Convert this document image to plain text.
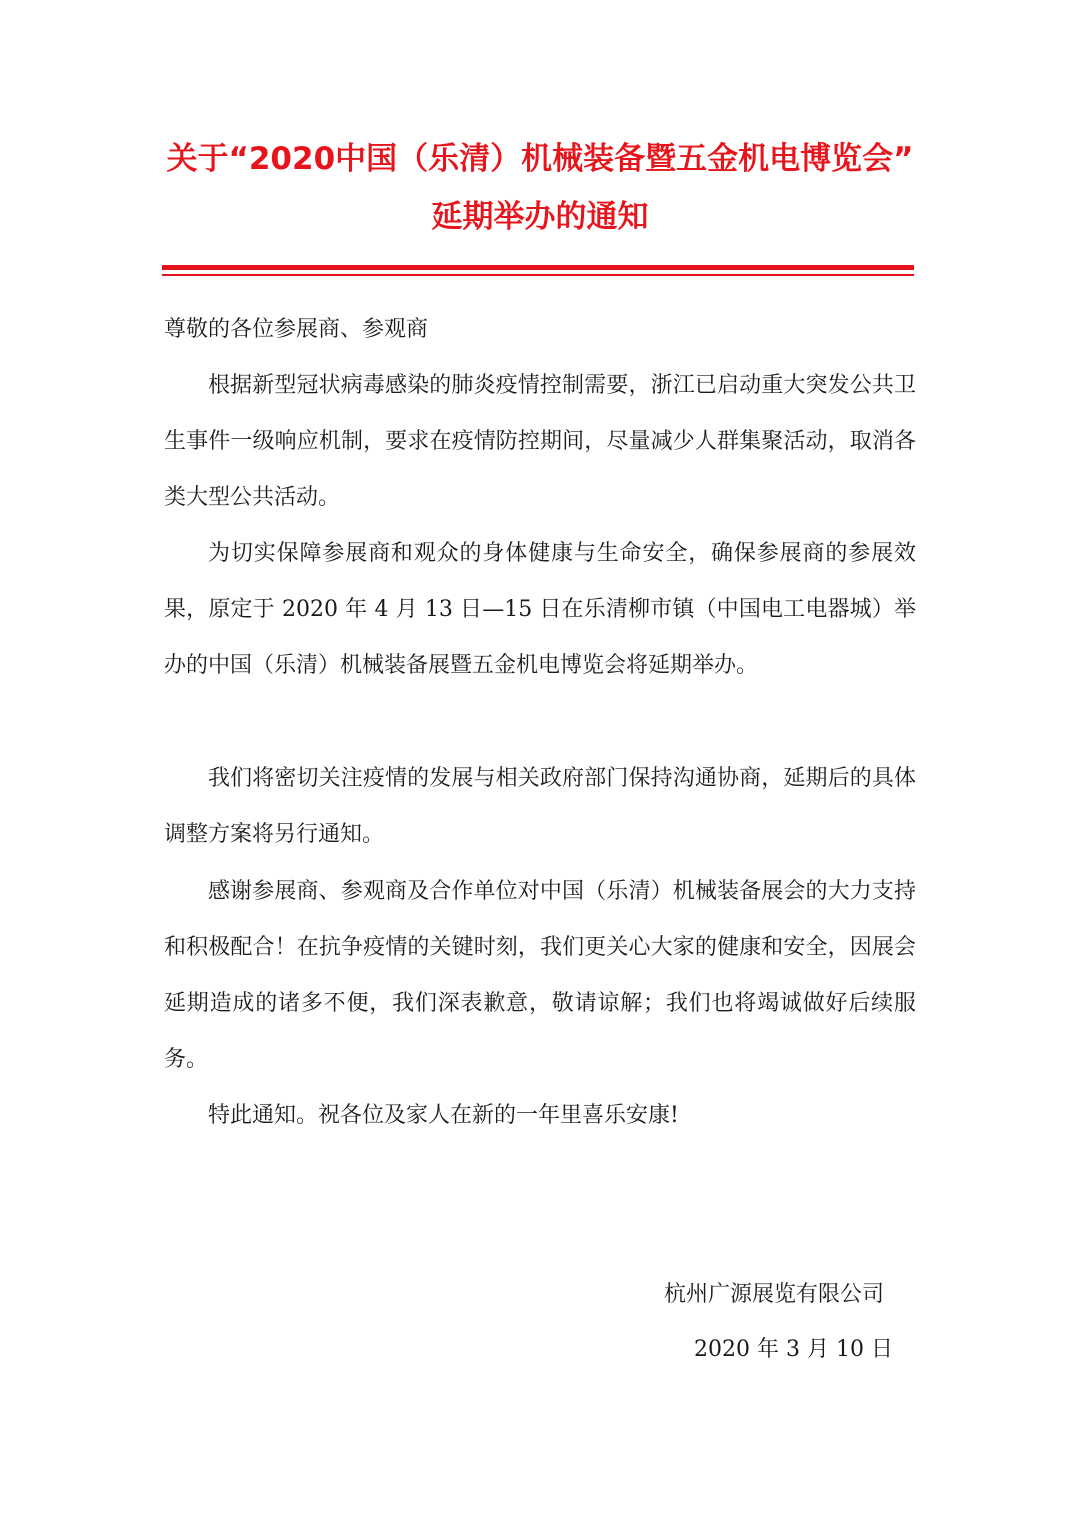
关于“2020中国（乐清）机械装备暨五金机电博览会”
延期举办的通知
尊敬的各位参展商、参观商

根据新型冠状病毒感染的肺炎疫情控制需要，浙江已启动重大突发公共卫生事件一级响应机制，要求在疫情防控期间，尽量减少人群集聚活动，取消各类大型公共活动。

为切实保障参展商和观众的身体健康与生命安全，确保参展商的参展效果，原定于 2020 年 4 月 13 日—15 日在乐清柳市镇（中国电工电器城）举办的中国（乐清）机械装备展暨五金机电博览会将延期举办。

我们将密切关注疫情的发展与相关政府部门保持沟通协商，延期后的具体调整方案将另行通知。

感谢参展商、参观商及合作单位对中国（乐清）机械装备展会的大力支持和积极配合！在抗争疫情的关键时刻，我们更关心大家的健康和安全，因展会延期造成的诸多不便，我们深表歉意，敬请谅解；我们也将竭诚做好后续服务。

特此通知。祝各位及家人在新的一年里喜乐安康!

杭州广源展览有限公司
2020 年 3 月 10 日
